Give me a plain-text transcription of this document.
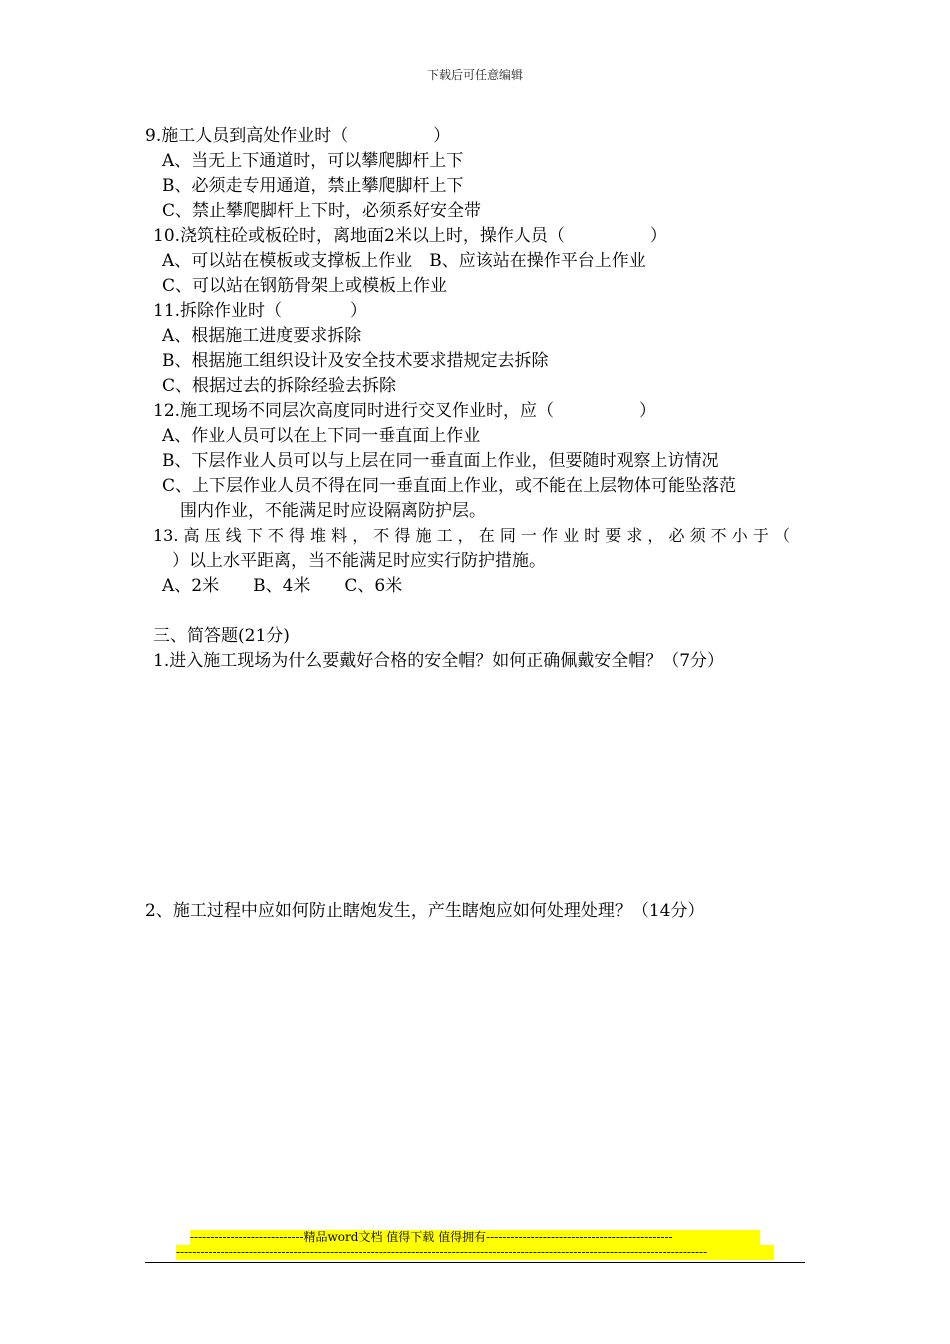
下载后可任意编辑
9.施工人员到高处作业时（　　　　　）
A、当无上下通道时，可以攀爬脚杆上下
B、必须走专用通道，禁止攀爬脚杆上下
C、禁止攀爬脚杆上下时，必须系好安全带
10.浇筑柱砼或板砼时，离地面2米以上时，操作人员（　　　　　）
A、可以站在模板或支撑板上作业　B、应该站在操作平台上作业
C、可以站在钢筋骨架上或模板上作业
11.拆除作业时（　　　　）
A、根据施工进度要求拆除
B、根据施工组织设计及安全技术要求措规定去拆除
C、根据过去的拆除经验去拆除
12.施工现场不同层次高度同时进行交叉作业时，应（　　　　　）
A、作业人员可以在上下同一垂直面上作业
B、下层作业人员可以与上层在同一垂直面上作业，但要随时观察上访情况
C、上下层作业人员不得在同一垂直面上作业，或不能在上层物体可能坠落范
围内作业，不能满足时应设隔离防护层。
13. 高 压 线 下 不 得 堆 料 ， 不 得 施 工 ， 在 同 一 作 业 时 要 求 ， 必 须 不 小 于 （
）以上水平距离，当不能满足时应实行防护措施。
A、2米　　B、4米　　C、6米
三、简答题(21分)
1.进入施工现场为什么要戴好合格的安全帽？如何正确佩戴安全帽？（7分）
2、施工过程中应如何防止瞎炮发生，产生瞎炮应如何处理处理？（14分）
----------------------------精品word文档 值得下载 值得拥有----------------------------------------------
-----------------------------------------------------------------------------------------------------------------------------------
